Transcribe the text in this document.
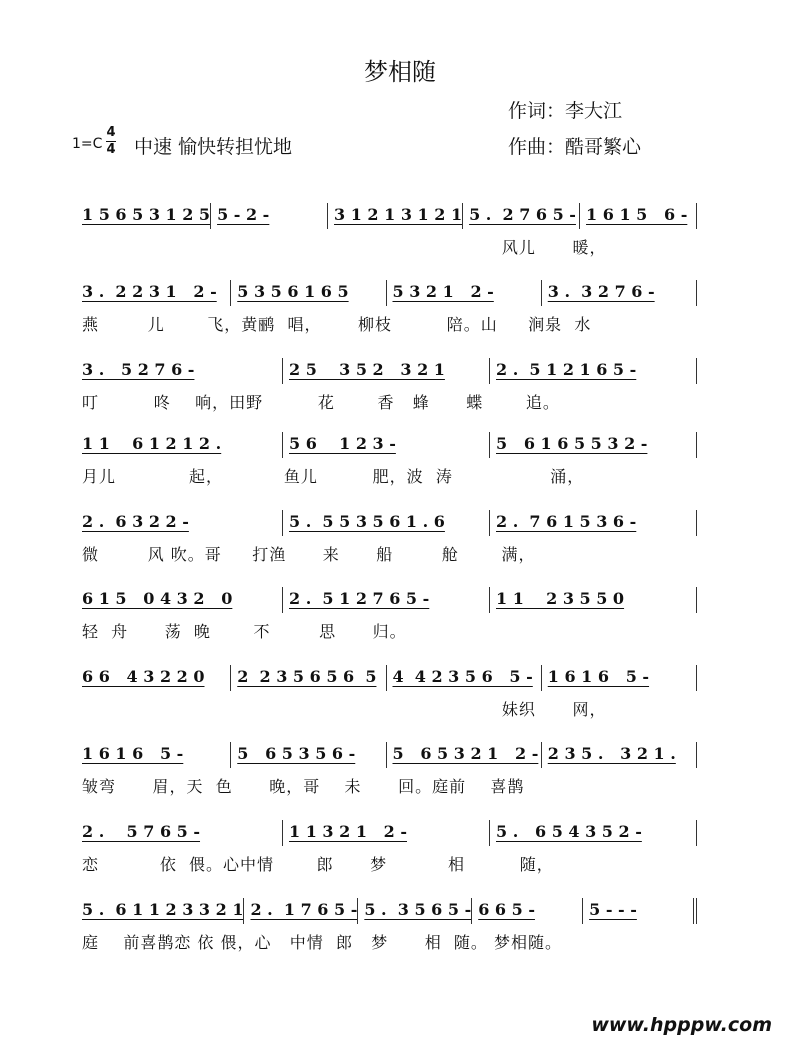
梦相随
作词：李大江
作曲：酷哥繁心
1=C
4
4 中速 愉快转担忧地
1 5 6 5 3 1 2 5 5 - 2 -	3 1 2 1 3 1 2 1 5 .  2 7 6 5 - 1 6 1 5   6 -
风儿      暖，
3 .  2 2 3 1   2 -	5 3 5 6 1 6 5	5 3 2 1   2 -	3 .  3 2 7 6 -
燕        儿       飞，黄鹂  唱，      柳枝         陪。山     涧泉  水
3 .   5 2 7 6 -	2 5    3 5 2   3 2 1	2 .  5 1 2 1 6 5 -
叮         咚    响，田野         花       香   蜂      蝶       追。
1 1    6 1 2 1 2 .	5 6    1 2 3 -	5   6 1 6 5 5 3 2 -
月儿            起，          鱼儿         肥，波  涛                涌，
2 .  6 3 2 2 -	5 .  5 5 3 5 6 1 . 6	2 .  7 6 1 5 3 6 -
微        风 吹。哥     打渔      来      船        舱       满，
6 1 5   0 4 3 2   0	2 .  5 1 2 7 6 5 -	1 1    2 3 5 5 0
轻  舟      荡  晚       不        思      归。
6 6   4 3 2 2 0	2  2 3 5 6 5 6  5	4  4 2 3 5 6   5 - 1 6 1 6   5 -
妹织      网，
1 6 1 6   5 -	5   6 5 3 5 6 -	5   6 5 3 2 1   2 - 2 3 5 .   3 2 1 .
皱弯      眉，天  色      晚，哥    未      回。庭前    喜鹊
2 .    5 7 6 5 -	1 1 3 2 1   2 -	5 .   6 5 4 3 5 2 -
恋          依  偎。心中情       郎      梦          相         随，
5 .  6 1 1 2 3 3 2 1 2 .  1 7 6 5 - 5 .  3 5 6 5 - 6 6 5 -	5 - - -
庭    前喜鹊恋 依 偎，心   中情  郎   梦      相  随。 梦相随。
www.hpppw.com
